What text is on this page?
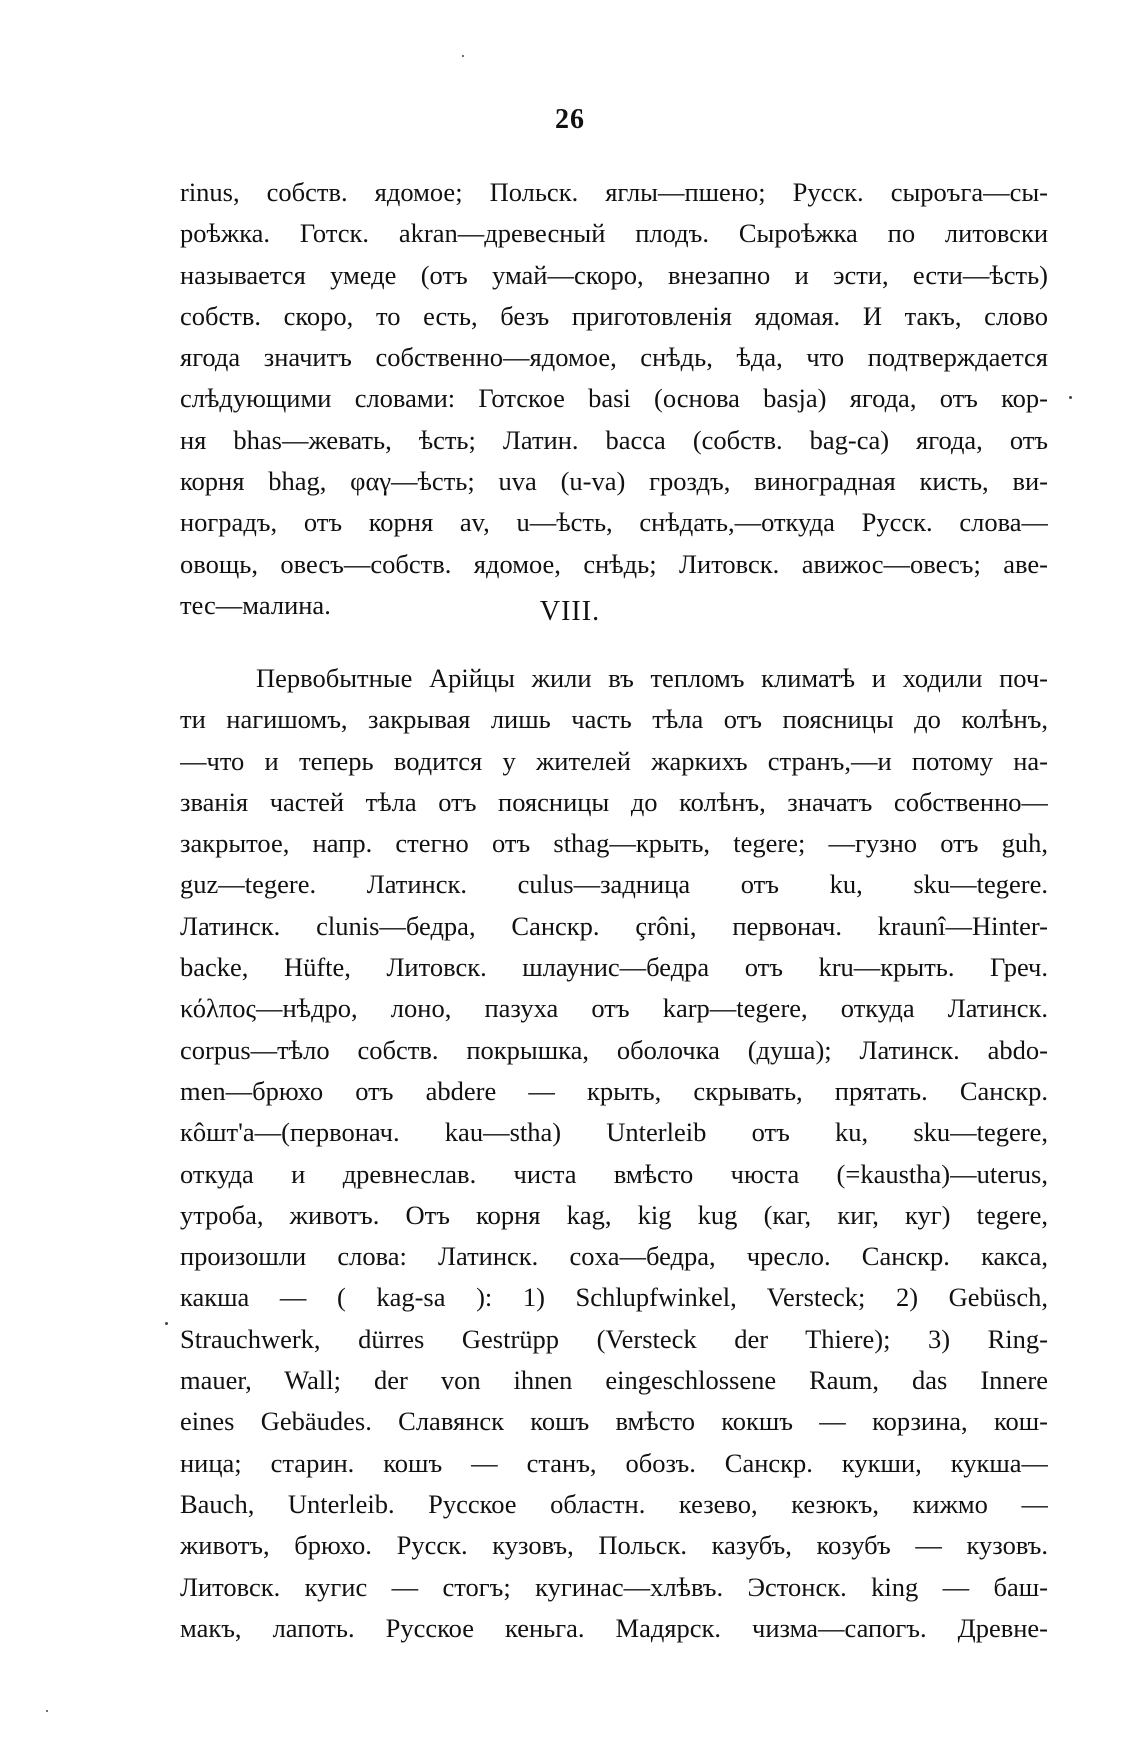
26
rinus, собств. ядомое; Польск. яглы—пшено; Русск. сыроъга—сы-
роѣжка. Готск. akran—древесный плодъ. Сыроѣжка по литовски
называется умеде (отъ умай—скоро, внезапно и эсти, ести—ѣсть)
собств. скоро, то есть, безъ приготовленія ядомая. И такъ, слово
ягода значитъ собственно—ядомое, снѣдь, ѣда, что подтверждается
слѣдующими словами: Готское basi (основа basja) ягода, отъ кор-
ня bhas—жевать, ѣсть; Латин. bacca (собств. bag-ca) ягода, отъ
корня bhag, φαγ—ѣсть; uva (u-va) гроздъ, виноградная кисть, ви-
ноградъ, отъ корня av, u—ѣсть, снѣдать,—откуда Русск. слова—
овощь, овесъ—собств. ядомое, снѣдь; Литовск. авижос—овесъ; аве-
тес—малина.	VIII.
Первобытные Арійцы жили въ тепломъ климатѣ и ходили поч-
ти нагишомъ, закрывая лишь часть тѣла отъ поясницы до колѣнъ,
—что и теперь водится у жителей жаркихъ странъ,—и потому на-
званія частей тѣла отъ поясницы до колѣнъ, значатъ собственно—
закрытое, напр. стегно отъ sthag—крыть, tegere; —гузно отъ guh,
guz—tegere. Латинск. culus—задница отъ ku, sku—tegere.
Латинск. clunis—бедра, Санскр. çrôni, первонач. kraunî—Hinter-
backe, Hüfte, Литовск. шлаунис—бедра отъ kru—крыть. Греч.
κόλπος—нѣдро, лоно, пазуха отъ karp—tegere, откуда Латинск.
corpus—тѣло собств. покрышка, оболочка (душа); Латинск. abdo-
men—брюхо отъ abdere — крыть, скрывать, прятать. Санскр.
кôшт'а—(первонач. kau—stha) Unterleib отъ ku, sku—tegere,
откуда и древнеслав. чиста вмѣсто чюста (=kaustha)—uterus,
утроба, животъ. Отъ корня kag, kig kug (каг, киг, куг) tegere,
произошли слова: Латинск. coxa—бедра, чресло. Санскр. какса,
какша — ( kag-sa ): 1) Schlupfwinkel, Versteck; 2) Gebüsch,
Strauchwerk, dürres Gestrüpp (Versteck der Thiere); 3) Ring-
mauer, Wall; der von ihnen eingeschlossene Raum, das Innere
eines Gebäudes. Славянск кошъ вмѣсто кокшъ — корзина, кош-
ница; старин. кошъ — станъ, обозъ. Санскр. кукши, кукша—
Bauch, Unterleib. Русское областн. кезево, кезюкъ, кижмо —
животъ, брюхо. Русск. кузовъ, Польск. казубъ, козубъ — кузовъ.
Литовск. кугис — стогъ; кугинас—хлѣвъ. Эстонск. king — баш-
макъ, лапоть. Русское кеньга. Мадярск. чизма—сапогъ. Древне-
